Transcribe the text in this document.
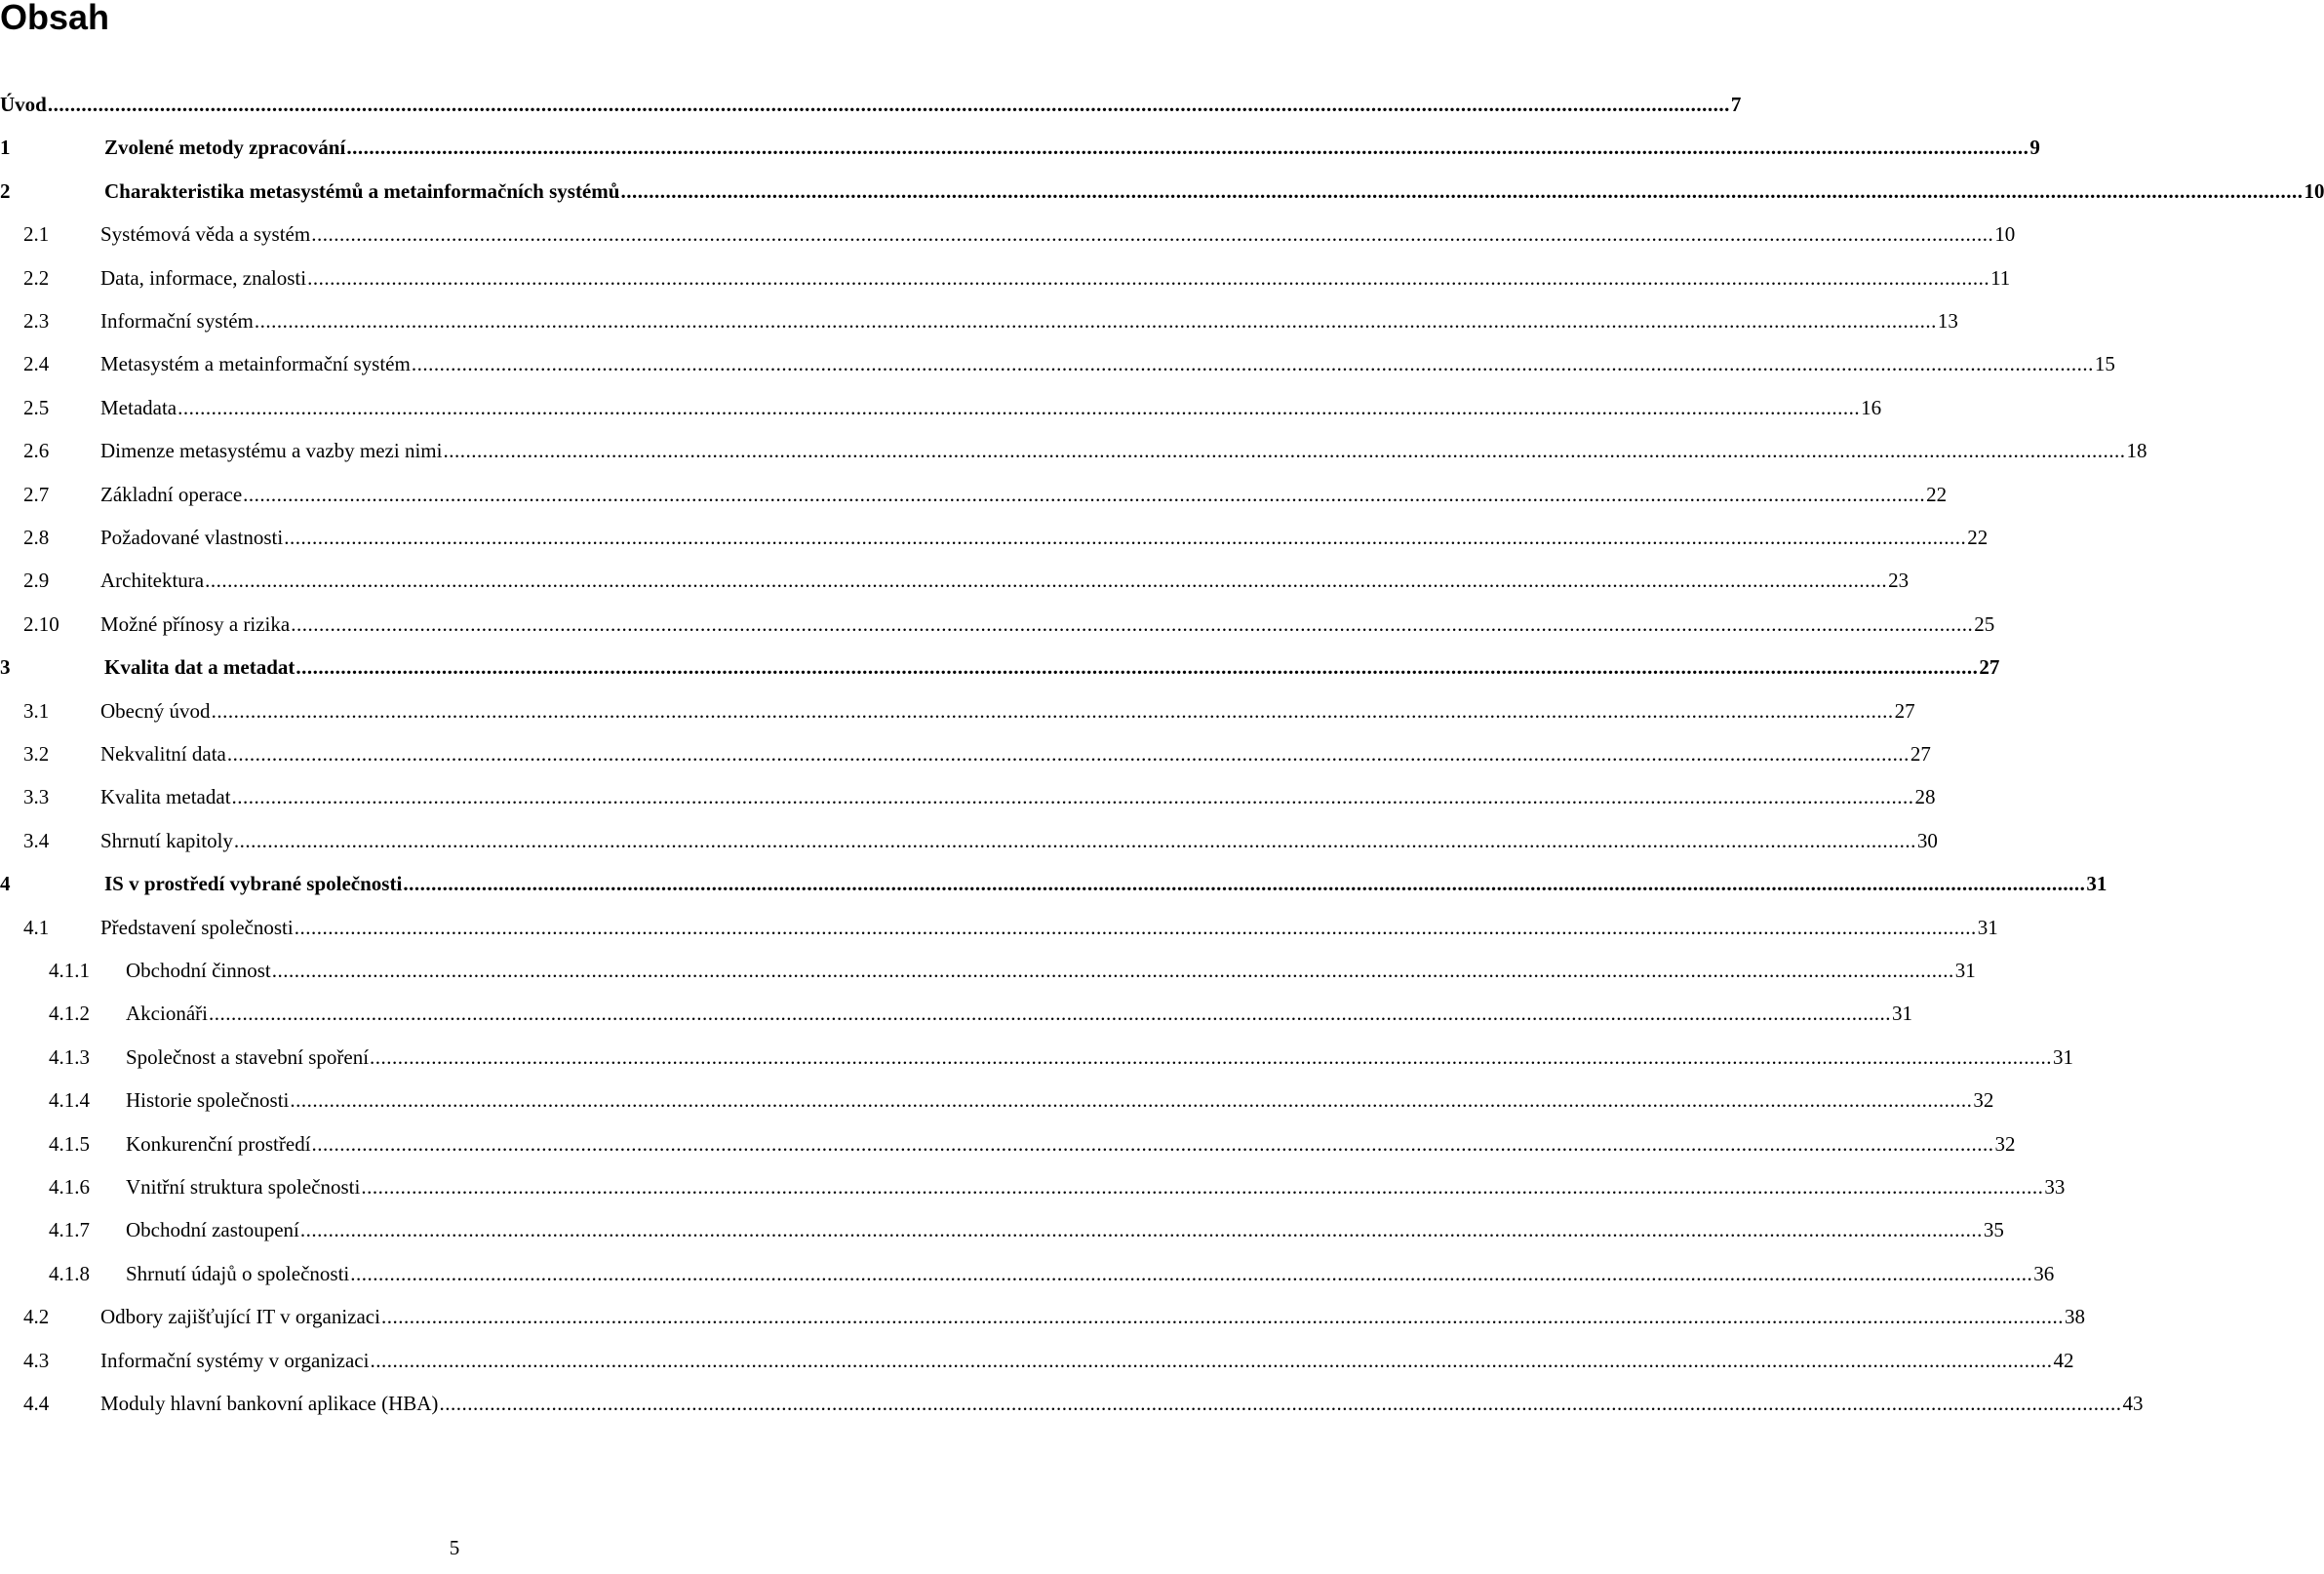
Obsah
Úvod ............................................................................................................................................................................................................................................................................................................ 7
1	Zvolené metody zpracování ............................................................................................................................................................................................................................................................................................................ 9
2	Charakteristika metasystémů a metainformačních systémů ............................................................................................................................................................................................................................................................................................................ 10
2.1	Systémová věda a systém ............................................................................................................................................................................................................................................................................................................ 10
2.2	Data, informace, znalosti ............................................................................................................................................................................................................................................................................................................ 11
2.3	Informační systém ............................................................................................................................................................................................................................................................................................................ 13
2.4	Metasystém a metainformační systém ............................................................................................................................................................................................................................................................................................................ 15
2.5	Metadata ............................................................................................................................................................................................................................................................................................................ 16
2.6	Dimenze metasystému a vazby mezi nimi ............................................................................................................................................................................................................................................................................................................ 18
2.7	Základní operace ............................................................................................................................................................................................................................................................................................................ 22
2.8	Požadované vlastnosti ............................................................................................................................................................................................................................................................................................................ 22
2.9	Architektura ............................................................................................................................................................................................................................................................................................................ 23
2.10 Možné přínosy a rizika ............................................................................................................................................................................................................................................................................................................ 25
3	Kvalita dat a metadat ............................................................................................................................................................................................................................................................................................................ 27
3.1	Obecný úvod ............................................................................................................................................................................................................................................................................................................ 27
3.2	Nekvalitní data ............................................................................................................................................................................................................................................................................................................ 27
3.3	Kvalita metadat ............................................................................................................................................................................................................................................................................................................ 28
3.4	Shrnutí kapitoly ............................................................................................................................................................................................................................................................................................................ 30
4	IS v prostředí vybrané společnosti ............................................................................................................................................................................................................................................................................................................ 31
4.1	Představení společnosti ............................................................................................................................................................................................................................................................................................................ 31
4.1.1 Obchodní činnost ............................................................................................................................................................................................................................................................................................................ 31
4.1.2 Akcionáři ............................................................................................................................................................................................................................................................................................................ 31
4.1.3 Společnost a stavební spoření ............................................................................................................................................................................................................................................................................................................ 31
4.1.4 Historie společnosti ............................................................................................................................................................................................................................................................................................................ 32
4.1.5 Konkurenční prostředí ............................................................................................................................................................................................................................................................................................................ 32
4.1.6 Vnitřní struktura společnosti ............................................................................................................................................................................................................................................................................................................ 33
4.1.7 Obchodní zastoupení ............................................................................................................................................................................................................................................................................................................ 35
4.1.8 Shrnutí údajů o společnosti ............................................................................................................................................................................................................................................................................................................ 36
4.2	Odbory zajišťující IT v organizaci ............................................................................................................................................................................................................................................................................................................ 38
4.3	Informační systémy v organizaci ............................................................................................................................................................................................................................................................................................................ 42
4.4	Moduly hlavní bankovní aplikace (HBA) ............................................................................................................................................................................................................................................................................................................ 43
5
